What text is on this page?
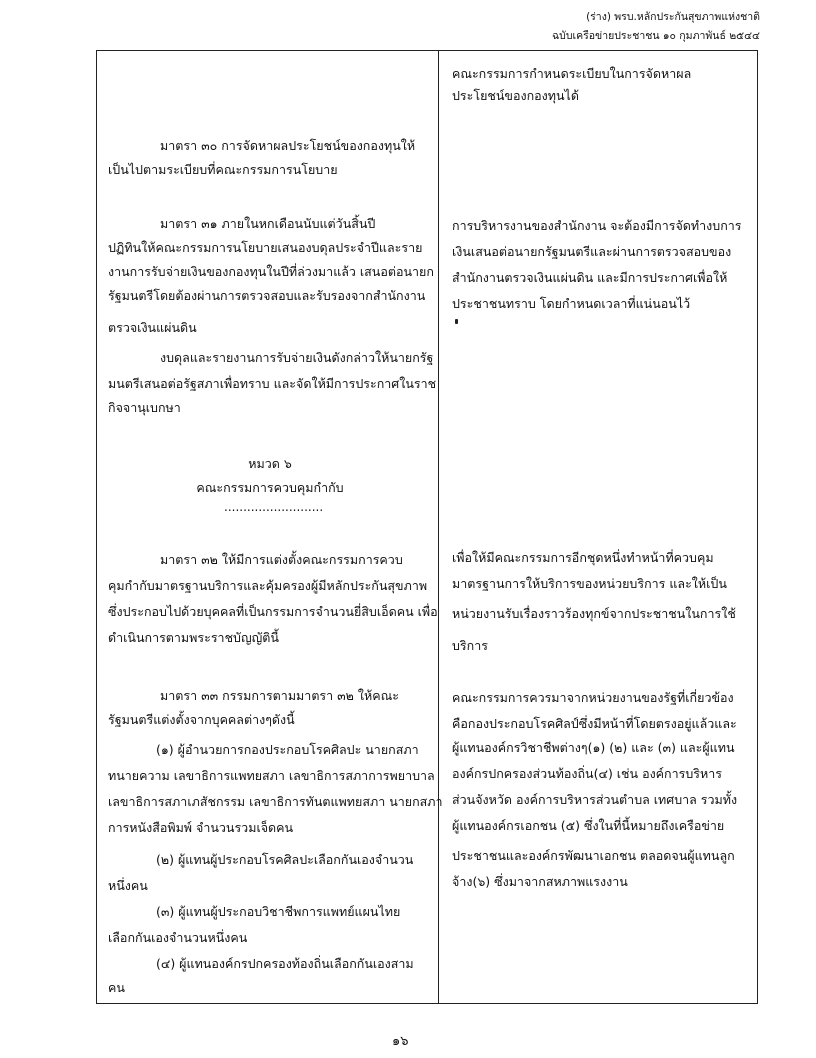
(ร่าง) พรบ.หลักประกันสุขภาพแห่งชาติ
ฉบับเครือข่ายประชาชน ๑๐ กุมภาพันธ์ ๒๕๔๔
คณะกรรมการกำหนดระเบียบในการจัดหาผล
ประโยชน์ของกองทุนได้
มาตรา ๓๐ การจัดหาผลประโยชน์ของกองทุนให้
เป็นไปตามระเบียบที่คณะกรรมการนโยบาย
มาตรา ๓๑ ภายในหกเดือนนับแต่วันสิ้นปี
ปฏิทินให้คณะกรรมการนโยบายเสนองบดุลประจำปีและราย
งานการรับจ่ายเงินของกองทุนในปีที่ล่วงมาแล้ว เสนอต่อนายก
รัฐมนตรีโดยต้องผ่านการตรวจสอบและรับรองจากสำนักงาน
ตรวจเงินแผ่นดิน
งบดุลและรายงานการรับจ่ายเงินดังกล่าวให้นายกรัฐ
มนตรีเสนอต่อรัฐสภาเพื่อทราบ และจัดให้มีการประกาศในราช
กิจจานุเบกษา
การบริหารงานของสำนักงาน จะต้องมีการจัดทำงบการ
เงินเสนอต่อนายกรัฐมนตรีและผ่านการตรวจสอบของ
สำนักงานตรวจเงินแผ่นดิน และมีการประกาศเพื่อให้
ประชาชนทราบ โดยกำหนดเวลาที่แน่นอนไว้
หมวด ๖
คณะกรรมการควบคุมกำกับ
..........................
มาตรา ๓๒ ให้มีการแต่งตั้งคณะกรรมการควบ
คุมกำกับมาตรฐานบริการและคุ้มครองผู้มีหลักประกันสุขภาพ
ซึ่งประกอบไปด้วยบุคคลที่เป็นกรรมการจำนวนยี่สิบเอ็ดคน เพื่อ
ดำเนินการตามพระราชบัญญัตินี้
เพื่อให้มีคณะกรรมการอีกชุดหนึ่งทำหน้าที่ควบคุม
มาตรฐานการให้บริการของหน่วยบริการ และให้เป็น
หน่วยงานรับเรื่องราวร้องทุกข์จากประชาชนในการใช้
บริการ
มาตรา ๓๓ กรรมการตามมาตรา ๓๒ ให้คณะ
รัฐมนตรีแต่งตั้งจากบุคคลต่างๆดังนี้
(๑) ผู้อำนวยการกองประกอบโรคศิลปะ นายกสภา
ทนายความ เลขาธิการแพทยสภา เลขาธิการสภาการพยาบาล
เลขาธิการสภาเภสัชกรรม เลขาธิการทันตแพทยสภา นายกสภา
การหนังสือพิมพ์ จำนวนรวมเจ็ดคน
(๒) ผู้แทนผู้ประกอบโรคศิลปะเลือกกันเองจำนวน
หนึ่งคน
(๓) ผู้แทนผู้ประกอบวิชาชีพการแพทย์แผนไทย
เลือกกันเองจำนวนหนึ่งคน
(๔) ผู้แทนองค์กรปกครองท้องถิ่นเลือกกันเองสาม
คน
คณะกรรมการควรมาจากหน่วยงานของรัฐที่เกี่ยวข้อง
คือกองประกอบโรคศิลป์ซึ่งมีหน้าที่โดยตรงอยู่แล้วและ
ผู้แทนองค์กรวิชาชีพต่างๆ(๑) (๒) และ (๓) และผู้แทน
องค์กรปกครองส่วนท้องถิ่น(๔) เช่น องค์การบริหาร
ส่วนจังหวัด องค์การบริหารส่วนตำบล เทศบาล รวมทั้ง
ผู้แทนองค์กรเอกชน (๕) ซึ่งในที่นี้หมายถึงเครือข่าย
ประชาชนและองค์กรพัฒนาเอกชน ตลอดจนผู้แทนลูก
จ้าง(๖) ซึ่งมาจากสหภาพแรงงาน
๑๖
